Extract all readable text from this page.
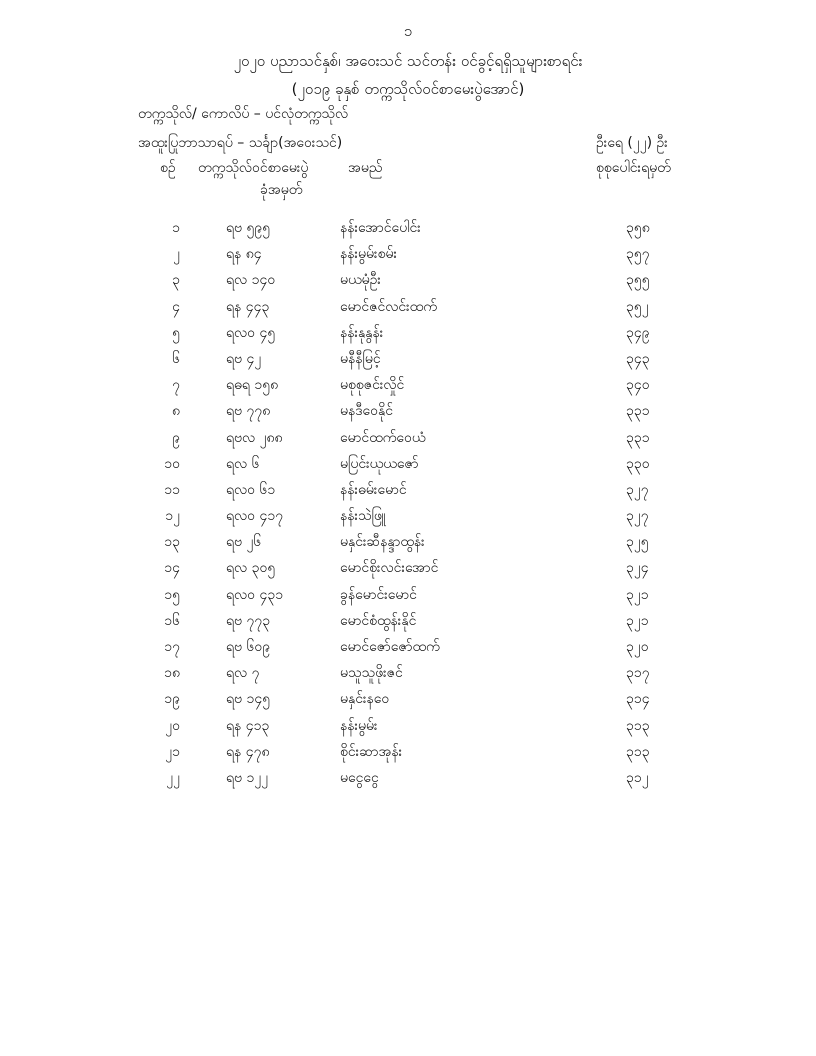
၁
၂၀၂၀ ပညာသင်နှစ်၊ အဝေးသင် သင်တန်း ဝင်ခွင့်ရရှိသူများစာရင်း
(၂၀၁၉ ခုနှစ် တက္ကသိုလ်ဝင်စာမေးပွဲအောင်)
တက္ကသိုလ်/ ကောလိပ် – ပင်လုံတက္ကသိုလ်
အထူးပြုဘာသာရပ် – သင်္ချာ(အဝေးသင်)	ဦးရေ (၂၂) ဦး
စဉ် တက္ကသိုလ်ဝင်စာမေးပွဲ
ခုံအမှတ်
အမည်	စုစုပေါင်းရမှတ်
၁	ရဗ ၅၉၅	နန်းအောင်ပေါင်း	၃၅၈
၂	ရန ၈၄	နန်းမွမ်းစမ်း	၃၅၇
၃	ရလ ၁၄၀	မယမုံဦး	၃၅၅
၄	ရန ၄၄၃	မောင်ဇင်လင်းထက်	၃၅၂
၅	ရလဝ ၄၅	နန်းနုနွန်း	၃၄၉
၆	ရဗ ၄၂	မနီနီမြင့်	၃၄၃
၇	ရဓရ ၁၅၈	မစုစုဇင်းလှိုင်	၃၄၀
၈	ရဗ ၇၇၈	မနဒီဝေနိုင်	၃၃၁
၉	ရဗလ ၂၈၈	မောင်ထက်ဝေယံ	၃၃၁
၁၀	ရလ ၆	မပြင်းယုယဇော်	၃၃၀
၁၁	ရလဝ ၆၁	နန်းဓမ်းမောင်	၃၂၇
၁၂	ရလဝ ၄၁၇	နန်းသဲဖြူ	၃၂၇
၁၃	ရဗ ၂၆	မနှင်းဆီနန္ဒာထွန်း	၃၂၅
၁၄	ရလ ၃၀၅	မောင်စိုးလင်းအောင်	၃၂၄
၁၅	ရလဝ ၄၃၁	ခွန်မောင်းမောင်	၃၂၁
၁၆	ရဗ ၇၇၃	မောင်စံထွန်းနိုင်	၃၂၁
၁၇	ရဗ ၆၀၉	မောင်ဇော်ဇော်ထက်	၃၂၀
၁၈	ရလ ၇	မသူသူဖိုးဇင်	၃၁၇
၁၉	ရဗ ၁၄၅	မနှင်းနဝေ	၃၁၄
၂၀	ရန ၄၁၃	နန်းမွမ်း	၃၁၃
၂၁	ရန ၄၇၈	စိုင်းဆာအုန်း	၃၁၃
၂၂	ရဗ ၁၂၂	မငွေငွေ	၃၁၂
